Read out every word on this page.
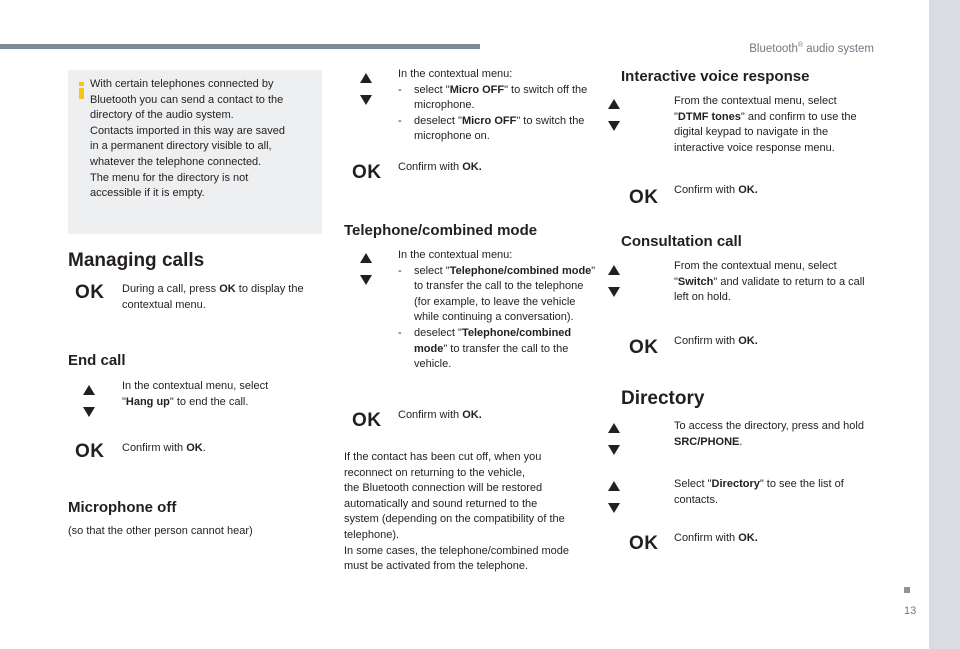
Bluetooth® audio system
13

With certain telephones connected by

Bluetooth you can send a contact to the

directory of the audio system.

Contacts imported in this way are saved

in a permanent directory visible to all,

whatever the telephone connected.

The menu for the directory is not

accessible if it is empty.

Managing calls
OK During a call, press OK to display the contextual menu.
End call
In the contextual menu, select "Hang up" to end the call.
OK Confirm with OK.
Microphone off
(so that the other person cannot hear)

In the contextual menu:

- select "Micro OFF" to switch off the microphone.
- deselect "Micro OFF" to switch the microphone on.
OK Confirm with OK.
Telephone/combined mode

In the contextual menu:

- select "Telephone/combined mode" to transfer the call to the telephone (for example, to leave the vehicle while continuing a conversation).
- deselect "Telephone/combined mode" to transfer the call to the vehicle.
OK Confirm with OK.

If the contact has been cut off, when you

reconnect on returning to the vehicle,

the Bluetooth connection will be restored

automatically and sound returned to the

system (depending on the compatibility of the

telephone).

In some cases, the telephone/combined mode

must be activated from the telephone.

Interactive voice response
From the contextual menu, select "DTMF tones" and confirm to use the digital keypad to navigate in the interactive voice response menu.
OK Confirm with OK.
Consultation call
From the contextual menu, select "Switch" and validate to return to a call left on hold.
OK Confirm with OK.
Directory
To access the directory, press and hold SRC/PHONE.
Select "Directory" to see the list of contacts.
OK Confirm with OK.
